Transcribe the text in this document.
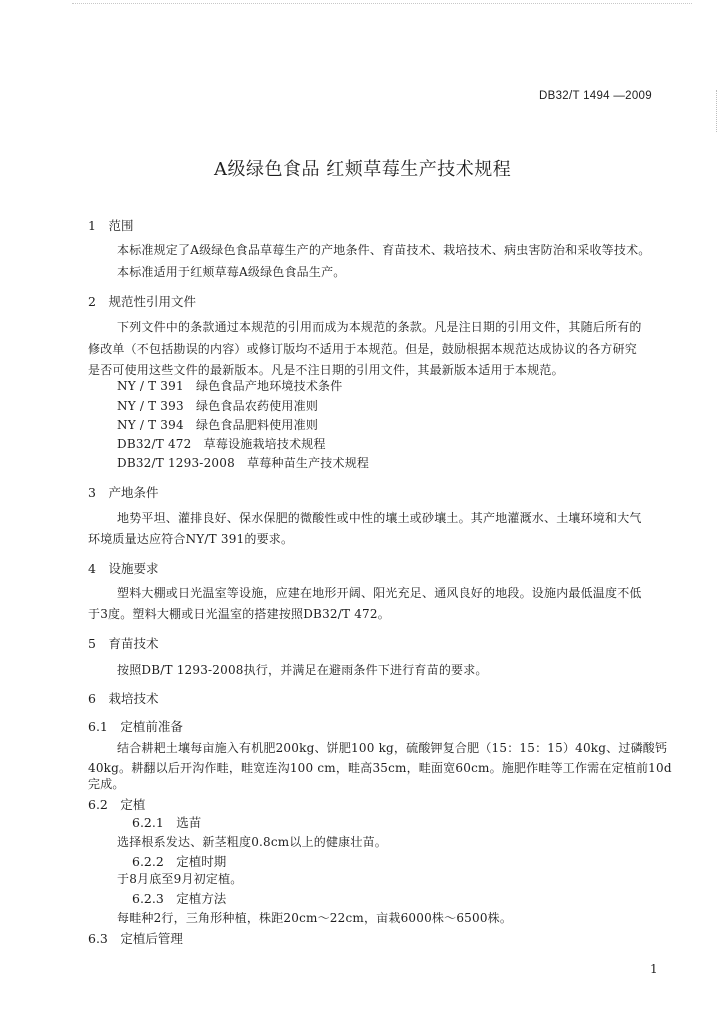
DB32/T 1494 —2009
A级绿色食品 红颊草莓生产技术规程
1　范围
本标准规定了A级绿色食品草莓生产的产地条件、育苗技术、栽培技术、病虫害防治和采收等技术。
本标准适用于红颊草莓A级绿色食品生产。
2　规范性引用文件
下列文件中的条款通过本规范的引用而成为本规范的条款。凡是注日期的引用文件，其随后所有的
修改单（不包括勘误的内容）或修订版均不适用于本规范。但是，鼓励根据本规范达成协议的各方研究
是否可使用这些文件的最新版本。凡是不注日期的引用文件，其最新版本适用于本规范。
NY / T 391　绿色食品产地环境技术条件
NY / T 393　绿色食品农药使用准则
NY / T 394　绿色食品肥料使用准则
DB32/T 472　草莓设施栽培技术规程
DB32/T 1293-2008　草莓种苗生产技术规程
3　产地条件
地势平坦、灌排良好、保水保肥的微酸性或中性的壤土或砂壤土。其产地灌溉水、土壤环境和大气
环境质量达应符合NY/T 391的要求。
4　设施要求
塑料大棚或日光温室等设施，应建在地形开阔、阳光充足、通风良好的地段。设施内最低温度不低
于3度。塑料大棚或日光温室的搭建按照DB32/T 472。
5　育苗技术
按照DB/T 1293-2008执行，并满足在避雨条件下进行育苗的要求。
6　栽培技术
6.1　定植前准备
结合耕耙土壤每亩施入有机肥200kg、饼肥100 kg，硫酸钾复合肥（15：15：15）40kg、过磷酸钙
40kg。耕翻以后开沟作畦，畦宽连沟100 cm，畦高35cm，畦面宽60cm。施肥作畦等工作需在定植前10d
完成。
6.2　定植
6.2.1　选苗
选择根系发达、新茎粗度0.8cm以上的健康壮苗。
6.2.2　定植时期
于8月底至9月初定植。
6.2.3　定植方法
每畦种2行，三角形种植，株距20cm～22cm，亩栽6000株～6500株。
6.3　定植后管理
1
